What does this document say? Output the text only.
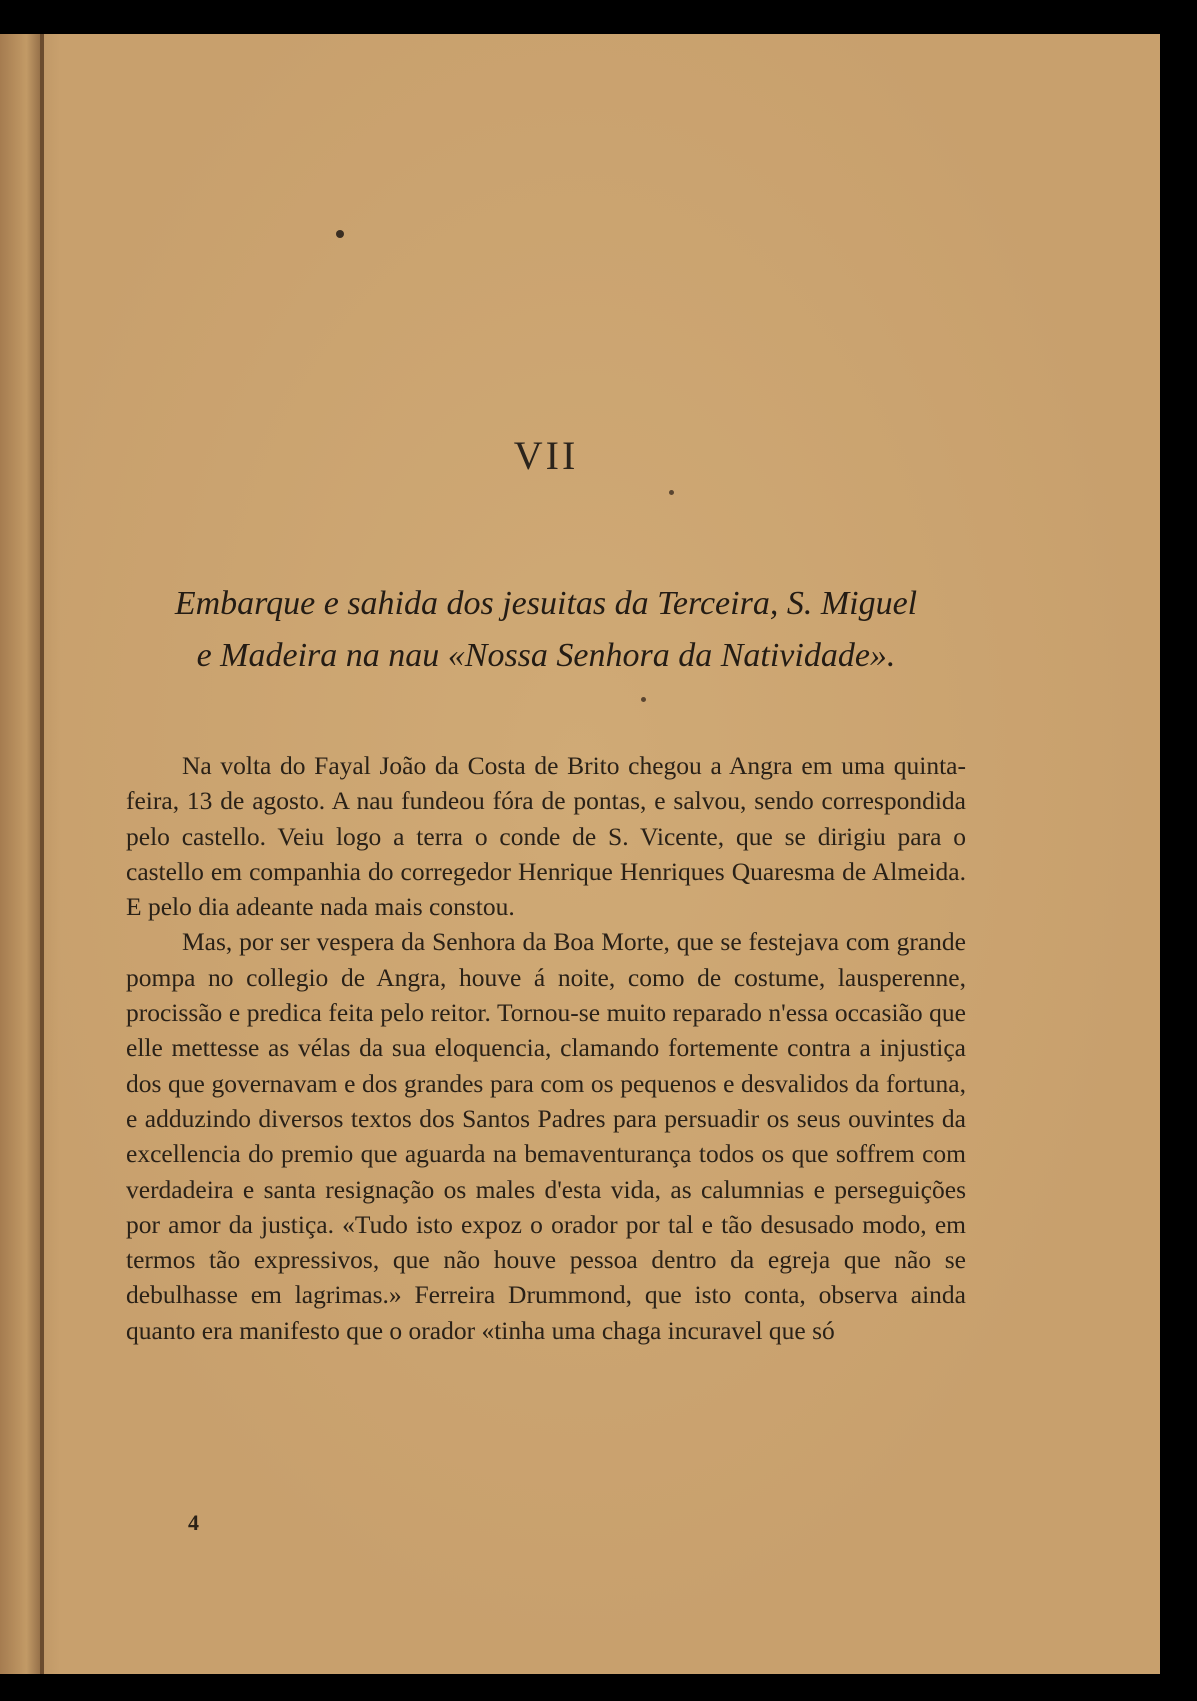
VII
Embarque e sahida dos jesuitas da Terceira, S. Miguel
e Madeira na nau «Nossa Senhora da Natividade».

Na volta do Fayal João da Costa de Brito chegou a Angra em uma quinta-feira, 13 de agosto. A nau fundeou fóra de pontas, e salvou, sendo correspondida pelo castello. Veiu logo a terra o conde de S. Vicente, que se dirigiu para o castello em companhia do corregedor Henrique Henriques Quaresma de Almeida. E pelo dia adeante nada mais constou.

Mas, por ser vespera da Senhora da Boa Morte, que se festejava com grande pompa no collegio de Angra, houve á noite, como de costume, lausperenne, procissão e predica feita pelo reitor. Tornou-se muito reparado n'essa occasião que elle mettesse as vélas da sua eloquencia, clamando fortemente contra a injustiça dos que governavam e dos grandes para com os pequenos e desvalidos da fortuna, e adduzindo diversos textos dos Santos Padres para persuadir os seus ouvintes da excellencia do premio que aguarda na bemaventurança todos os que soffrem com verdadeira e santa resignação os males d'esta vida, as calumnias e perseguições por amor da justiça. «Tudo isto expoz o orador por tal e tão desusado modo, em termos tão expressivos, que não houve pessoa dentro da egreja que não se debulhasse em lagrimas.» Ferreira Drummond, que isto conta, observa ainda quanto era manifesto que o orador «tinha uma chaga incuravel que só

4
